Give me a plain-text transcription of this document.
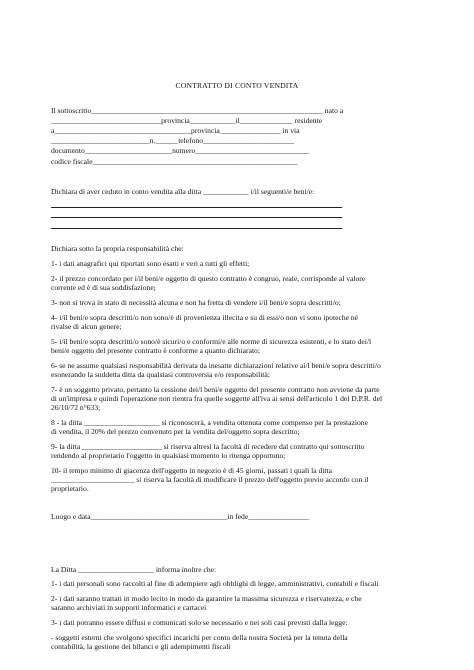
CONTRATTO DI CONTO VENDITA
Il sottoscritto_____________________________________________________________ nato a
_____________________________provincia____________il______________ residente
a____________________________________provincia________________ in via
__________________________n.______telefono________________________
documento_______________________numero______________________________
codice fiscale______________________________________________________
Dichiara di aver ceduto in conto vendita alla ditta ____________ i/il seguenti/e beni/e:
Dichiara sotto la propria responsabilità che:
1- i dati anagrafici qui riportati sono esatti e veri a tutti gli effetti;
2- il prezzo concordato per i/il beni/e oggetto di questo contratto è congruo, reale, corrisponde al valore
corrente ed è di sua soddisfazione;
3- non si trova in stato di necessità alcuna e non ha fretta di vendere i/il beni/e sopra descritti/o;
4- i/il beni/e sopra descritti/o non sono/è di provenienza illecita e su di essi/o non vi sono ipoteche né
rivalse di alcun genere;
5- i/il beni/e sopra descritti/o sono/è sicuri/o e conformi/e alle norme di sicurezza esistenti, e lo stato dei/l
beni/e oggetto del presente contratto è conforme a quanto dichiarato;
6- se ne assume qualsiasi responsabilità derivata da inesatte dichiarazioni relative ai/l beni/e sopra descritti/o
esonerando la suddetta ditta da qualsiasi controversia e/o responsabilità;
7- è un soggetto privato, pertanto la cessione dei/l beni/e oggetto del presente contratto non avviene da parte
di un'impresa e quindi l'operazione non rientra fra quelle soggette all'iva ai sensi dell'articolo 1 del D.P.R. del
26/10/72 n°633;
8 - la ditta ____________________ si riconoscerà, a vendita ottenuta come compenso per la prestazione
di vendita, il 20% del prezzo convenuto per la vendita del/oggetto sopra descritto;
9- la ditta _____________________ si riserva altresì la facoltà di recedere dal contratto qui sottoscritto
rendendo al proprietario l'oggetto in qualsiasi momento lo ritenga opportuno;
10- il tempo minimo di giacenza dell'oggetto in negozio è di 45 giorni, passati i quali la ditta
______________________ si riserva la facoltà di modificare il prezzo dell'oggetto previo accordo con il
proprietario.
Luogo e data____________________________________in fede________________
La Ditta ____________________ informa inoltre che:
1- i dati personali sono raccolti al fine di adempiere agli obblighi di legge, amministrativi, contabili e fiscali
2- i dati saranno trattati in modo lecito in modo da garantire la massima sicurezza e riservatezza, e che
saranno archiviati in supporti informatici e cartacei
3- i dati potranno essere diffusi e comunicati solo se necessario e nei soli casi previsti dalla legge:
- soggetti esterni che svolgono specifici incarichi per conto della nostra Società per la tenuta della
contabilità, la gestione dei bilanci e gli adempimenti fiscali
